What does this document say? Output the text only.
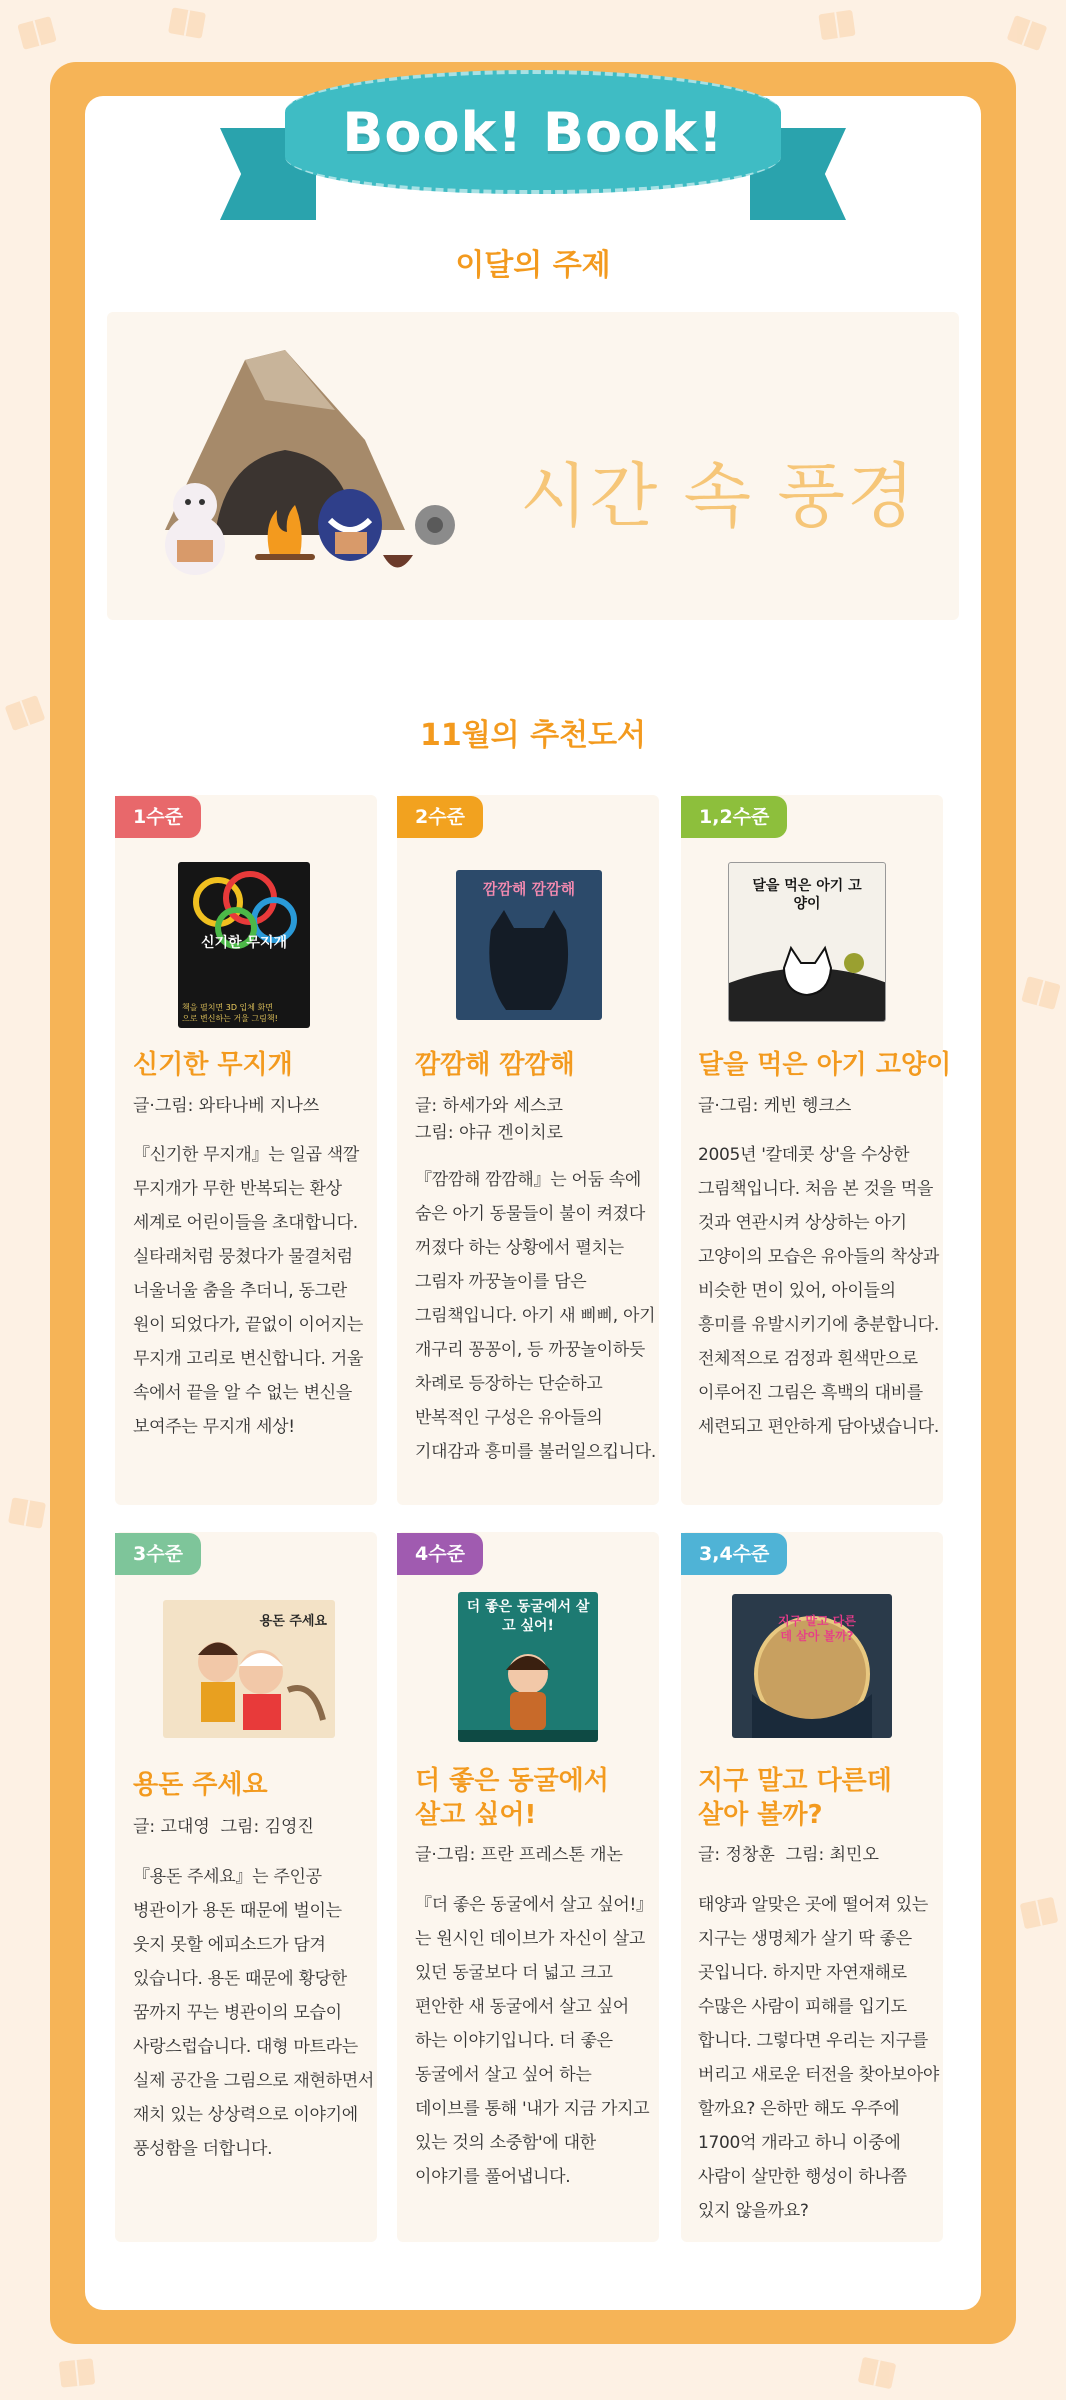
Book! Book!
이달의 주제
시간 속 풍경
11월의 추천도서
1수준
신기한 무지개
책을 펼치면 3D 입체 화면으로 변신하는 거울 그림책!
신기한 무지개
글·그림: 와타나베 지나쓰
『신기한 무지개』는 일곱 색깔 무지개가 무한 반복되는 환상 세계로 어린이들을 초대합니다. 실타래처럼 뭉쳤다가 물결처럼 너울너울 춤을 추더니, 동그란 원이 되었다가, 끝없이 이어지는 무지개 고리로 변신합니다. 거울 속에서 끝을 알 수 없는 변신을 보여주는 무지개 세상!
2수준
깜깜해 깜깜해
깜깜해 깜깜해
글: 하세가와 세스코
그림: 야규 겐이치로
『깜깜해 깜깜해』는 어둠 속에 숨은 아기 동물들이 불이 켜졌다 꺼졌다 하는 상황에서 펼치는 그림자 까꿍놀이를 담은 그림책입니다. 아기 새 삐삐, 아기 개구리 꽁꽁이, 등 까꿍놀이하듯 차례로 등장하는 단순하고 반복적인 구성은 유아들의 기대감과 흥미를 불러일으킵니다.
1,2수준
달을 먹은 아기 고양이
달을 먹은 아기 고양이
글·그림: 케빈 헹크스
2005년 '칼데콧 상'을 수상한 그림책입니다. 처음 본 것을 먹을 것과 연관시켜 상상하는 아기 고양이의 모습은 유아들의 착상과 비슷한 면이 있어, 아이들의 흥미를 유발시키기에 충분합니다. 전체적으로 검정과 흰색만으로 이루어진 그림은 흑백의 대비를 세련되고 편안하게 담아냈습니다.
3수준
용돈 주세요
용돈 주세요
글: 고대영  그림: 김영진
『용돈 주세요』는 주인공 병관이가 용돈 때문에 벌이는 웃지 못할 에피소드가 담겨 있습니다. 용돈 때문에 황당한 꿈까지 꾸는 병관이의 모습이 사랑스럽습니다. 대형 마트라는 실제 공간을 그림으로 재현하면서 재치 있는 상상력으로 이야기에 풍성함을 더합니다.
4수준
더 좋은 동굴에서 살고 싶어!
더 좋은 동굴에서
살고 싶어!
글·그림: 프란 프레스톤 개논
『더 좋은 동굴에서 살고 싶어!』는 원시인 데이브가 자신이 살고 있던 동굴보다 더 넓고 크고 편안한 새 동굴에서 살고 싶어 하는 이야기입니다. 더 좋은 동굴에서 살고 싶어 하는 데이브를 통해 '내가 지금 가지고 있는 것의 소중함'에 대한 이야기를 풀어냅니다.
3,4수준
지구 말고 다른 데 살아 볼까?
지구 말고 다른데
살아 볼까?
글: 정창훈  그림: 최민오
태양과 알맞은 곳에 떨어져 있는 지구는 생명체가 살기 딱 좋은 곳입니다. 하지만 자연재해로 수많은 사람이 피해를 입기도 합니다. 그렇다면 우리는 지구를 버리고 새로운 터전을 찾아보아야 할까요? 은하만 해도 우주에 1700억 개라고 하니 이중에 사람이 살만한 행성이 하나쯤 있지 않을까요?
